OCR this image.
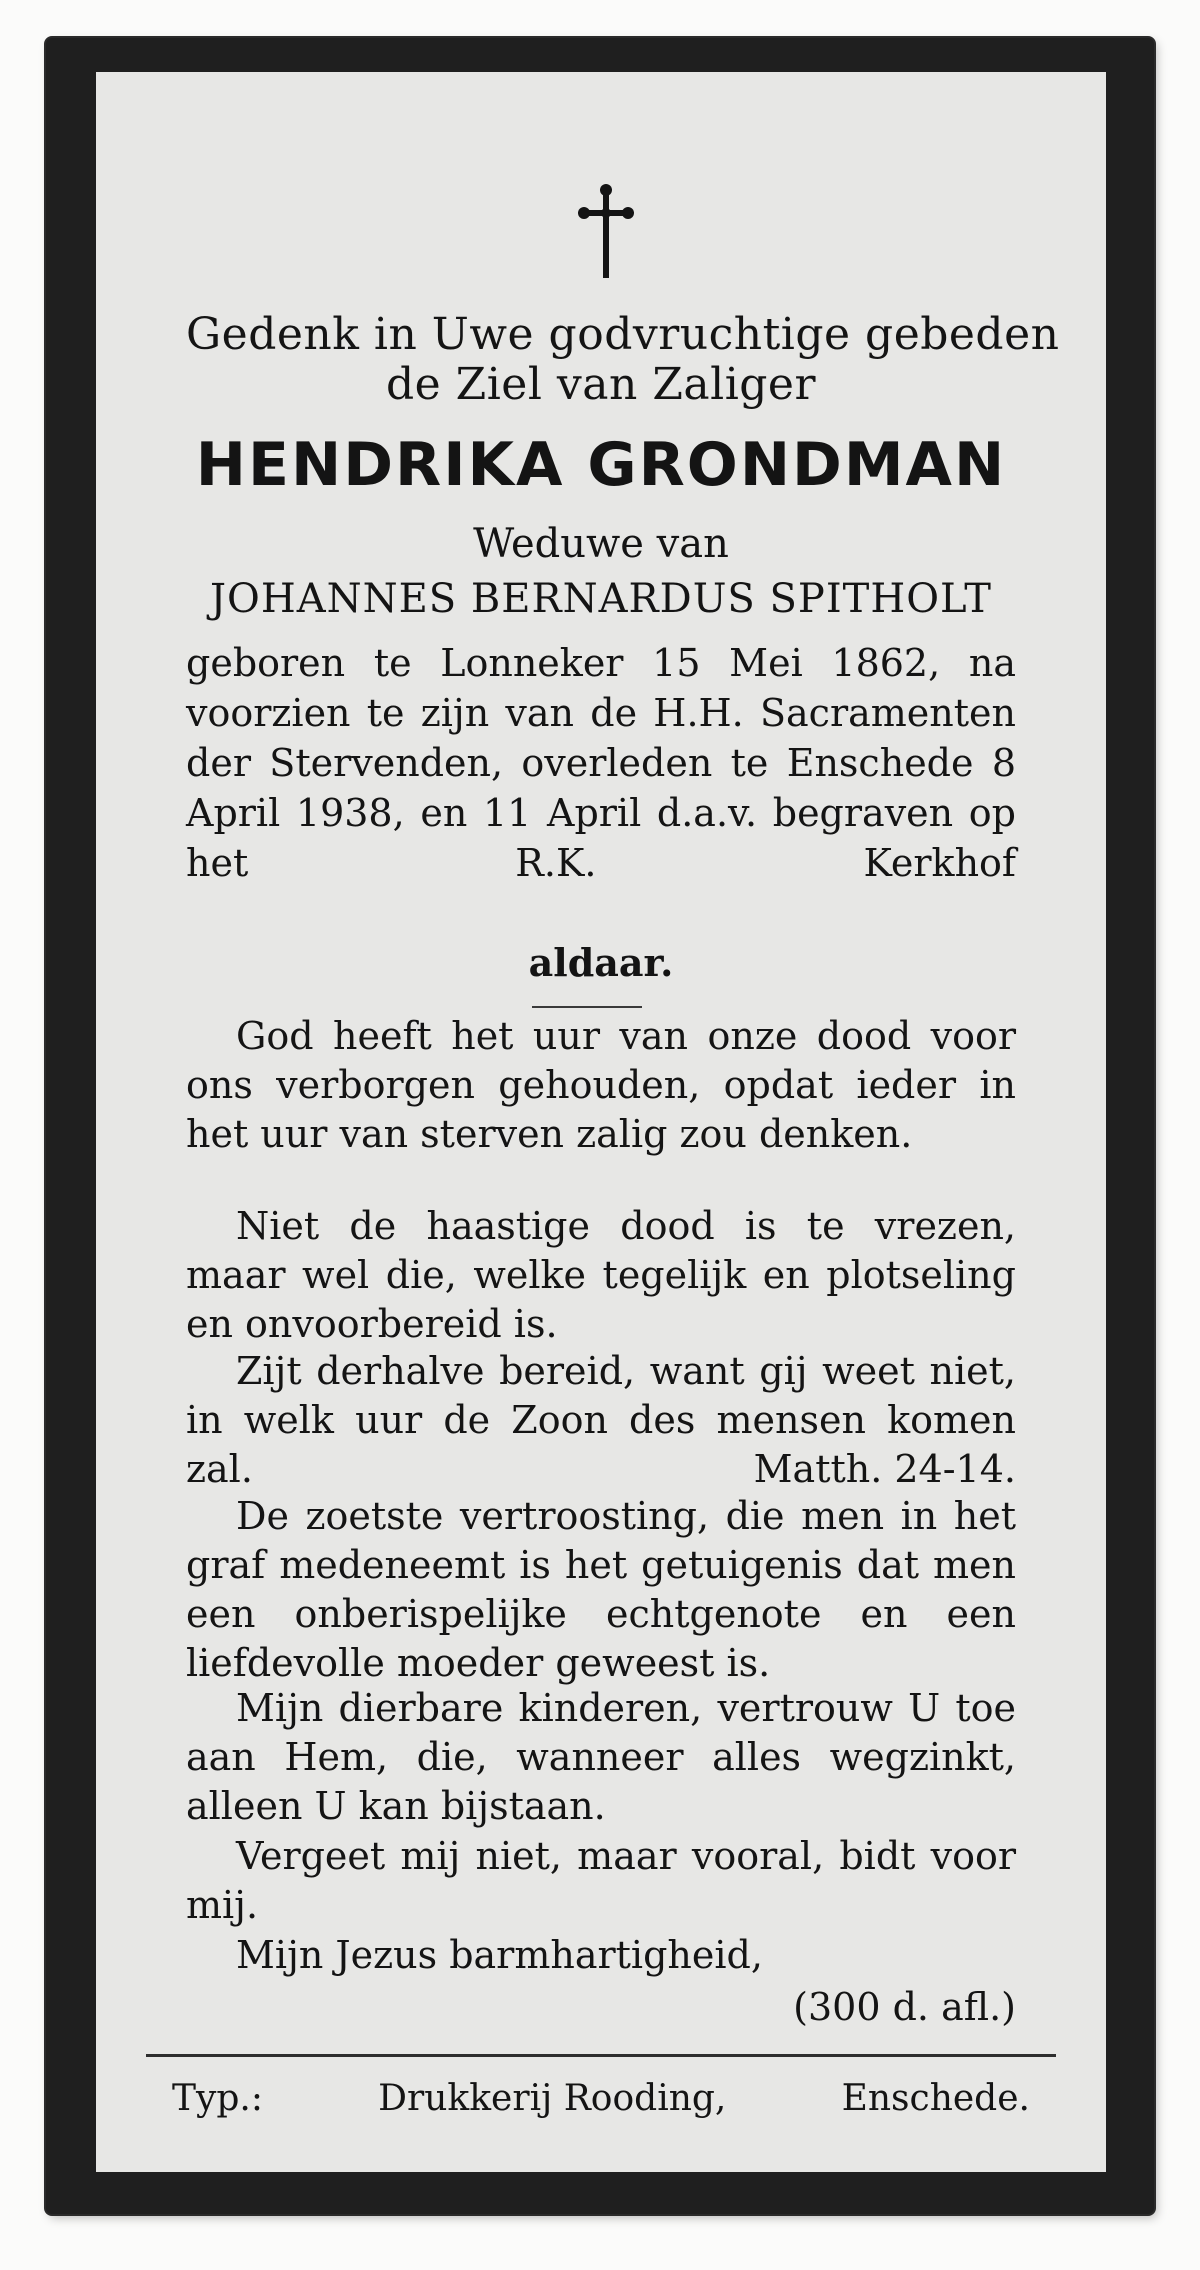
Gedenk in Uwe godvruchtige gebeden
de Ziel van Zaliger
HENDRIKA GRONDMAN
Weduwe van
JOHANNES BERNARDUS SPITHOLT

geboren te Lonneker 15 Mei 1862, na voorzien te zijn van de H.H. Sacramenten der Stervenden, overleden te Enschede 8 April 1938, en 11 April d.a.v. begraven op het R.K. Kerkhof

aldaar.

God heeft het uur van onze dood voor ons verborgen gehouden, opdat ieder in het uur van sterven zalig zou denken.

Niet de haastige dood is te vrezen, maar wel die, welke tegelijk en plotseling en onvoorbereid is.

Zijt derhalve bereid, want gij weet niet, in welk uur de Zoon des mensen komen zal.	Matth. 24-14.

De zoetste vertroosting, die men in het graf medeneemt is het getuigenis dat men een onberispelijke echtgenote en een liefdevolle moeder geweest is.

Mijn dierbare kinderen, vertrouw U toe aan Hem, die, wanneer alles wegzinkt, alleen U kan bijstaan.

Vergeet mij niet, maar vooral, bidt voor mij.

Mijn Jezus barmhartigheid,
(300 d. afl.)
Typ.:	Drukkerij Rooding,	Enschede.
